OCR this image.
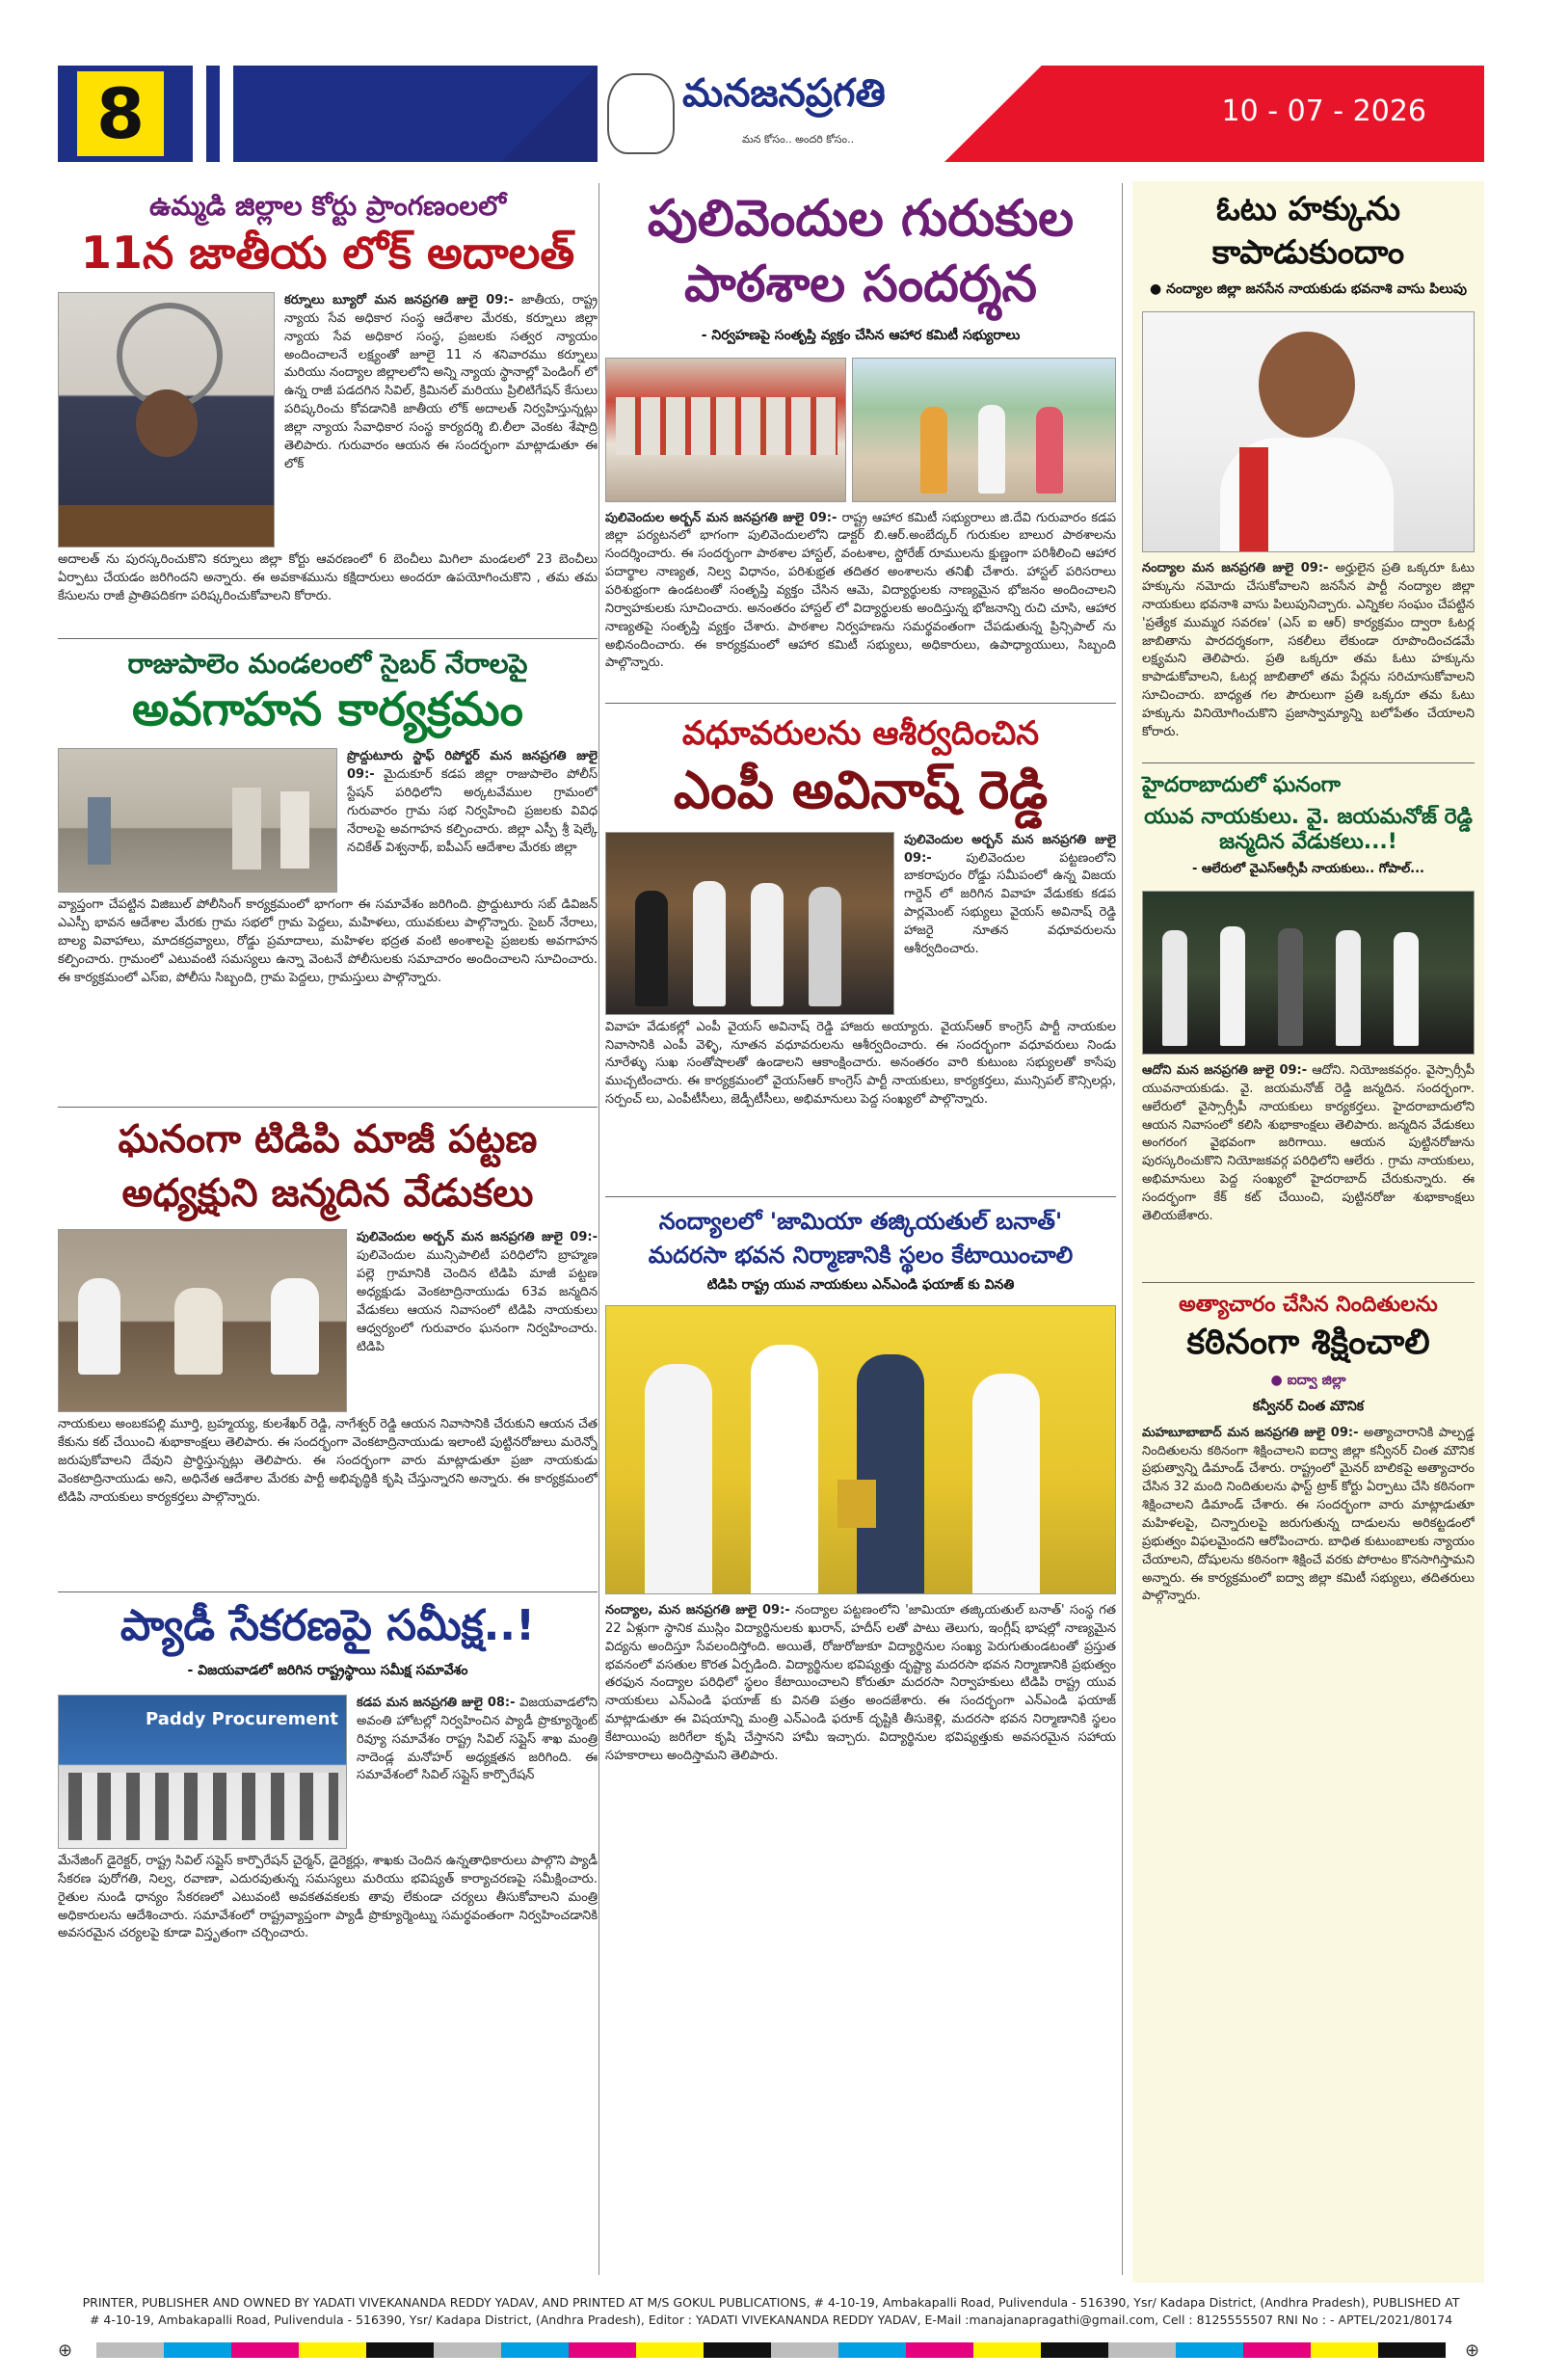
8	మనజనప్రగతి
మన కోసం.. అందరి కోసం..
10 - 07 - 2026
ఉమ్మడి జిల్లాల కోర్టు ప్రాంగణంలలో
11న జాతీయ లోక్ అదాలత్
కర్నూలు బ్యూరో మన జనప్రగతి జులై 09:- జాతీయ, రాష్ట్ర న్యాయ సేవ అధికార సంస్థ ఆదేశాల మేరకు, కర్నూలు జిల్లా న్యాయ సేవ అధికార సంస్థ, ప్రజలకు సత్వర న్యాయం అందించాలనే లక్ష్యంతో జూలై 11 న శనివారము కర్నూలు మరియు నంద్యాల జిల్లాలలోని అన్ని న్యాయ స్థానాల్లో పెండింగ్ లో ఉన్న రాజీ పడదగిన సివిల్, క్రిమినల్ మరియు ప్రిలిటిగేషన్ కేసులు పరిష్కరించు కోవడానికి జాతీయ లోక్ అదాలత్ నిర్వహిస్తున్నట్లు జిల్లా న్యాయ సేవాధికార సంస్థ కార్యదర్శి బి.లీలా వెంకట శేషాద్రి తెలిపారు. గురువారం ఆయన ఈ సందర్భంగా మాట్లాడుతూ ఈ లోక్
అదాలత్ ను పురస్కరించుకొని కర్నూలు జిల్లా కోర్టు ఆవరణంలో 6 బెంచీలు మిగిలా మండలలో 23 బెంచీలు ఏర్పాటు చేయడం జరిగిందని అన్నారు. ఈ అవకాశమును కక్షిదారులు అందరూ ఉపయోగించుకొని , తమ తమ కేసులను రాజీ ప్రాతిపదికగా పరిష్కరించుకోవాలని కోరారు.
రాజుపాలెం మండలంలో సైబర్ నేరాలపై
అవగాహన కార్యక్రమం
ప్రొద్దుటూరు స్టాఫ్ రిపోర్టర్ మన జనప్రగతి జులై 09:- మైదుకూర్ కడప జిల్లా రాజుపాలెం పోలీస్ స్టేషన్ పరిధిలోని అర్కటవేముల గ్రామంలో గురువారం గ్రామ సభ నిర్వహించి ప్రజలకు వివిధ నేరాలపై అవగాహన కల్పించారు. జిల్లా ఎస్పీ శ్రీ షెల్కే నచికేత్ విశ్వనాథ్, ఐపీఎస్ ఆదేశాల మేరకు జిల్లా
వ్యాప్తంగా చేపట్టిన విజిబుల్ పోలీసింగ్ కార్యక్రమంలో భాగంగా ఈ సమావేశం జరిగింది. ప్రొద్దుటూరు సబ్ డివిజన్ ఎఎస్పీ భావన ఆదేశాల మేరకు గ్రామ సభలో గ్రామ పెద్దలు, మహిళలు, యువకులు పాల్గొన్నారు. సైబర్ నేరాలు, బాల్య వివాహాలు, మాదకద్రవ్యాలు, రోడ్డు ప్రమాదాలు, మహిళల భద్రత వంటి అంశాలపై ప్రజలకు అవగాహన కల్పించారు. గ్రామంలో ఎటువంటి సమస్యలు ఉన్నా వెంటనే పోలీసులకు సమాచారం అందించాలని సూచించారు. ఈ కార్యక్రమంలో ఎస్ఐ, పోలీసు సిబ్బంది, గ్రామ పెద్దలు, గ్రామస్తులు పాల్గొన్నారు.
ఘనంగా టిడిపి మాజీ పట్టణ
అధ్యక్షుని జన్మదిన వేడుకలు
పులివెందుల అర్బన్ మన జనప్రగతి జులై 09:- పులివెందుల మున్సిపాలిటీ పరిధిలోని బ్రాహ్మణ పల్లె గ్రామానికి చెందిన టిడిపి మాజీ పట్టణ అధ్యక్షుడు వెంకటాద్రినాయుడు 63వ జన్మదిన వేడుకలు ఆయన నివాసంలో టిడిపి నాయకులు ఆధ్వర్యంలో గురువారం ఘనంగా నిర్వహించారు. టిడిపి
నాయకులు అంబకపల్లి మూర్తి, బ్రహ్మయ్య, కులశేఖర్ రెడ్డి, నాగేశ్వర్ రెడ్డి ఆయన నివాసానికి చేరుకుని ఆయన చేత కేకును కట్ చేయించి శుభాకాంక్షలు తెలిపారు. ఈ సందర్భంగా వెంకటాద్రినాయుడు ఇలాంటి పుట్టినరోజులు మరెన్నో జరుపుకోవాలని దేవుని ప్రార్థిస్తున్నట్లు తెలిపారు. ఈ సందర్భంగా వారు మాట్లాడుతూ ప్రజా నాయకుడు వెంకటాద్రినాయుడు అని, అధినేత ఆదేశాల మేరకు పార్టీ అభివృద్ధికి కృషి చేస్తున్నారని అన్నారు. ఈ కార్యక్రమంలో టిడిపి నాయకులు కార్యకర్తలు పాల్గొన్నారు.
ప్యాడీ సేకరణపై సమీక్ష..!
- విజయవాడలో జరిగిన రాష్ట్రస్థాయి సమీక్ష సమావేశం
Paddy Procurement
కడప మన జనప్రగతి జులై 08:- విజయవాడలోని అవంతి హోటల్లో నిర్వహించిన ప్యాడీ ప్రొక్యూర్మెంట్ రివ్యూ సమావేశం రాష్ట్ర సివిల్ సప్లైస్ శాఖ మంత్రి నాదెండ్ల మనోహర్ అధ్యక్షతన జరిగింది. ఈ సమావేశంలో సివిల్ సప్లైస్ కార్పొరేషన్
మేనేజింగ్ డైరెక్టర్, రాష్ట్ర సివిల్ సప్లైస్ కార్పొరేషన్ చైర్మన్, డైరెక్టర్లు, శాఖకు చెందిన ఉన్నతాధికారులు పాల్గొని ప్యాడీ సేకరణ పురోగతి, నిల్వ, రవాణా, ఎదురవుతున్న సమస్యలు మరియు భవిష్యత్ కార్యాచరణపై సమీక్షించారు. రైతుల నుండి ధాన్యం సేకరణలో ఎటువంటి అవకతవకలకు తావు లేకుండా చర్యలు తీసుకోవాలని మంత్రి అధికారులను ఆదేశించారు. సమావేశంలో రాష్ట్రవ్యాప్తంగా ప్యాడీ ప్రొక్యూర్మెంట్ను సమర్థవంతంగా నిర్వహించడానికి అవసరమైన చర్యలపై కూడా విస్తృతంగా చర్చించారు.
పులివెందుల గురుకుల
పాఠశాల సందర్శన
- నిర్వహణపై సంతృప్తి వ్యక్తం చేసిన ఆహార కమిటీ సభ్యురాలు
పులివెందుల అర్బన్ మన జనప్రగతి జులై 09:- రాష్ట్ర ఆహార కమిటీ సభ్యురాలు జి.దేవి గురువారం కడప జిల్లా పర్యటనలో భాగంగా పులివెందులలోని డాక్టర్ బి.ఆర్.అంబేద్కర్ గురుకుల బాలుర పాఠశాలను సందర్శించారు. ఈ సందర్భంగా పాఠశాల హాస్టల్, వంటశాల, స్టోరేజ్ రూములను క్షుణ్ణంగా పరిశీలించి ఆహార పదార్థాల నాణ్యత, నిల్వ విధానం, పరిశుభ్రత తదితర అంశాలను తనిఖీ చేశారు. హాస్టల్ పరిసరాలు పరిశుభ్రంగా ఉండటంతో సంతృప్తి వ్యక్తం చేసిన ఆమె, విద్యార్థులకు నాణ్యమైన భోజనం అందించాలని నిర్వాహకులకు సూచించారు. అనంతరం హాస్టల్ లో విద్యార్థులకు అందిస్తున్న భోజనాన్ని రుచి చూసి, ఆహార నాణ్యతపై సంతృప్తి వ్యక్తం చేశారు. పాఠశాల నిర్వహణను సమర్థవంతంగా చేపడుతున్న ప్రిన్సిపాల్ ను అభినందించారు. ఈ కార్యక్రమంలో ఆహార కమిటీ సభ్యులు, అధికారులు, ఉపాధ్యాయులు, సిబ్బంది పాల్గొన్నారు.
వధూవరులను ఆశీర్వదించిన
ఎంపీ అవినాష్ రెడ్డి
పులివెందుల అర్బన్ మన జనప్రగతి జులై 09:-	పులివెందుల పట్టణంలోని బాకరాపురం రోడ్డు సమీపంలో ఉన్న విజయ గార్డెన్ లో జరిగిన వివాహ వేడుకకు కడప పార్లమెంట్ సభ్యులు వైయస్ అవినాష్ రెడ్డి హాజరై నూతన వధూవరులను ఆశీర్వదించారు.
వివాహ వేడుకల్లో ఎంపీ వైయస్ అవినాష్ రెడ్డి హాజరు అయ్యారు. వైయస్ఆర్ కాంగ్రెస్ పార్టీ నాయకుల నివాసానికి ఎంపీ వెళ్ళి, నూతన వధూవరులను ఆశీర్వదించారు. ఈ సందర్భంగా వధూవరులు నిండు నూరేళ్ళు సుఖ సంతోషాలతో ఉండాలని ఆకాంక్షించారు. అనంతరం వారి కుటుంబ సభ్యులతో కాసేపు ముచ్చటించారు. ఈ కార్యక్రమంలో వైయస్ఆర్ కాంగ్రెస్ పార్టీ నాయకులు, కార్యకర్తలు, మున్సిపల్ కౌన్సిలర్లు, సర్పంచ్ లు, ఎంపీటీసీలు, జెడ్పీటీసీలు, అభిమానులు పెద్ద సంఖ్యలో పాల్గొన్నారు.
నంద్యాలలో 'జామియా తజ్కియతుల్ బనాత్'
మదరసా భవన నిర్మాణానికి స్థలం కేటాయించాలి
టిడిపి రాష్ట్ర యువ నాయకులు ఎన్ఎండి ఫయాజ్ కు వినతి
నంద్యాల, మన జనప్రగతి జులై 09:- నంద్యాల పట్టణంలోని 'జామియా తజ్కియతుల్ బనాత్' సంస్థ గత 22 ఏళ్లుగా స్థానిక ముస్లిం విద్యార్థినులకు ఖురాన్, హదీస్ లతో పాటు తెలుగు, ఇంగ్లీష్ భాషల్లో నాణ్యమైన విద్యను అందిస్తూ సేవలందిస్తోంది. అయితే, రోజురోజుకూ విద్యార్థినుల సంఖ్య పెరుగుతుండటంతో ప్రస్తుత భవనంలో వసతుల కొరత ఏర్పడింది. విద్యార్థినుల భవిష్యత్తు దృష్ట్యా మదరసా భవన నిర్మాణానికి ప్రభుత్వం తరఫున నంద్యాల పరిధిలో స్థలం కేటాయించాలని కోరుతూ మదరసా నిర్వాహకులు టిడిపి రాష్ట్ర యువ నాయకులు ఎన్ఎండి ఫయాజ్ కు వినతి పత్రం అందజేశారు. ఈ సందర్భంగా ఎన్ఎండి ఫయాజ్ మాట్లాడుతూ ఈ విషయాన్ని మంత్రి ఎన్ఎండి ఫరూక్ దృష్టికి తీసుకెళ్లి, మదరసా భవన నిర్మాణానికి స్థలం కేటాయింపు జరిగేలా కృషి చేస్తానని హామీ ఇచ్చారు. విద్యార్థినుల భవిష్యత్తుకు అవసరమైన సహాయ సహకారాలు అందిస్తామని తెలిపారు.
ఓటు హక్కును
కాపాడుకుందాం
● నంద్యాల జిల్లా జనసేన నాయకుడు భవనాశి వాసు పిలుపు
నంద్యాల మన జనప్రగతి జులై 09:- అర్హులైన ప్రతి ఒక్కరూ ఓటు హక్కును నమోదు చేసుకోవాలని జనసేన పార్టీ నంద్యాల జిల్లా నాయకులు భవనాశి వాసు పిలుపునిచ్చారు. ఎన్నికల సంఘం చేపట్టిన 'ప్రత్యేక ముమ్మర సవరణ' (ఎస్ ఐ ఆర్) కార్యక్రమం ద్వారా ఓటర్ల జాబితాను పారదర్శకంగా, సకలీలు లేకుండా రూపొందించడమే లక్ష్యమని తెలిపారు. ప్రతి ఒక్కరూ తమ ఓటు హక్కును కాపాడుకోవాలని, ఓటర్ల జాబితాలో తమ పేర్లను సరిచూసుకోవాలని సూచించారు. బాధ్యత గల పౌరులుగా ప్రతి ఒక్కరూ తమ ఓటు హక్కును వినియోగించుకొని ప్రజాస్వామ్యాన్ని బలోపేతం చేయాలని కోరారు.
హైదరాబాదులో ఘనంగా
యువ నాయకులు. వై. జయమనోజ్ రెడ్డి జన్మదిన వేడుకలు...!
- ఆలేరులో వైఎస్ఆర్సీపీ నాయకులు.. గోపాల్...
ఆదోని మన జనప్రగతి జులై 09:- ఆదోని. నియోజకవర్గం. వైస్సార్సీపీ యువనాయకుడు. వై. జయమనోజ్ రెడ్డి జన్మదిన. సందర్భంగా. ఆలేరులో వైస్సార్సీపీ నాయకులు కార్యకర్తలు. హైదరాబాదులోని ఆయన నివాసంలో కలిసి శుభాకాంక్షలు తెలిపారు. జన్మదిన వేడుకలు అంగరంగ వైభవంగా జరిగాయి. ఆయన పుట్టినరోజును పురస్కరించుకొని నియోజకవర్గ పరిధిలోని ఆలేరు . గ్రామ నాయకులు, అభిమానులు పెద్ద సంఖ్యలో హైదరాబాద్ చేరుకున్నారు. ఈ సందర్భంగా కేక్ కట్ చేయించి, పుట్టినరోజు శుభాకాంక్షలు తెలియజేశారు.
అత్యాచారం చేసిన నిందితులను
కఠినంగా శిక్షించాలి
● ఐద్వా జిల్లా
కన్వీనర్ చింత మౌనిక
మహబూబాబాద్ మన జనప్రగతి జులై 09:- అత్యాచారానికి పాల్పడ్డ నిందితులను కఠినంగా శిక్షించాలని ఐద్వా జిల్లా కన్వీనర్ చింత మౌనిక ప్రభుత్వాన్ని డిమాండ్ చేశారు. రాష్ట్రంలో మైనర్ బాలికపై అత్యాచారం చేసిన 32 మంది నిందితులను ఫాస్ట్ ట్రాక్ కోర్టు ఏర్పాటు చేసి కఠినంగా శిక్షించాలని డిమాండ్ చేశారు. ఈ సందర్భంగా వారు మాట్లాడుతూ మహిళలపై, చిన్నారులపై జరుగుతున్న దాడులను అరికట్టడంలో ప్రభుత్వం విఫలమైందని ఆరోపించారు. బాధిత కుటుంబాలకు న్యాయం చేయాలని, దోషులను కఠినంగా శిక్షించే వరకు పోరాటం కొనసాగిస్తామని అన్నారు. ఈ కార్యక్రమంలో ఐద్వా జిల్లా కమిటీ సభ్యులు, తదితరులు పాల్గొన్నారు.
PRINTER, PUBLISHER AND OWNED BY YADATI VIVEKANANDA REDDY YADAV, AND PRINTED AT M/S GOKUL PUBLICATIONS, # 4-10-19, Ambakapalli Road, Pulivendula - 516390, Ysr/ Kadapa District, (Andhra Pradesh), PUBLISHED AT
# 4-10-19, Ambakapalli Road, Pulivendula - 516390, Ysr/ Kadapa District, (Andhra Pradesh), Editor : YADATI VIVEKANANDA REDDY YADAV, E-Mail :manajanapragathi@gmail.com, Cell : 8125555507 RNI No : - APTEL/2021/80174
⊕	⊕
